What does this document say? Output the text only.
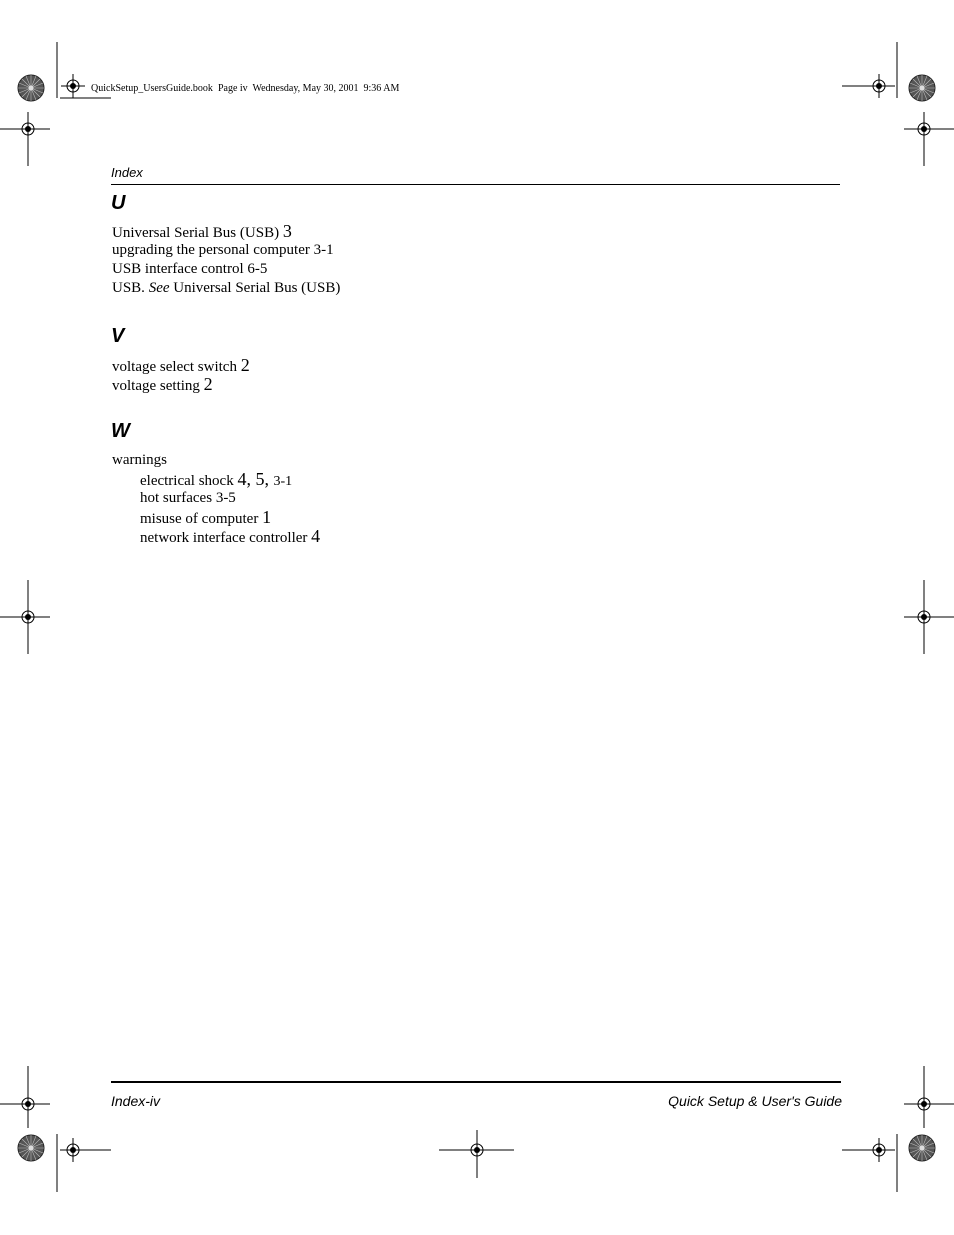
QuickSetup_UsersGuide.book Page iv Wednesday, May 30, 2001 9:36 AM
Index
U
Universal Serial Bus (USB) 3
upgrading the personal computer 3-1
USB interface control 6-5
USB. See Universal Serial Bus (USB)
V
voltage select switch 2
voltage setting 2
W
warnings
electrical shock 4, 5, 3-1
hot surfaces 3-5
misuse of computer 1
network interface controller 4
Index-iv	Quick Setup & User's Guide
